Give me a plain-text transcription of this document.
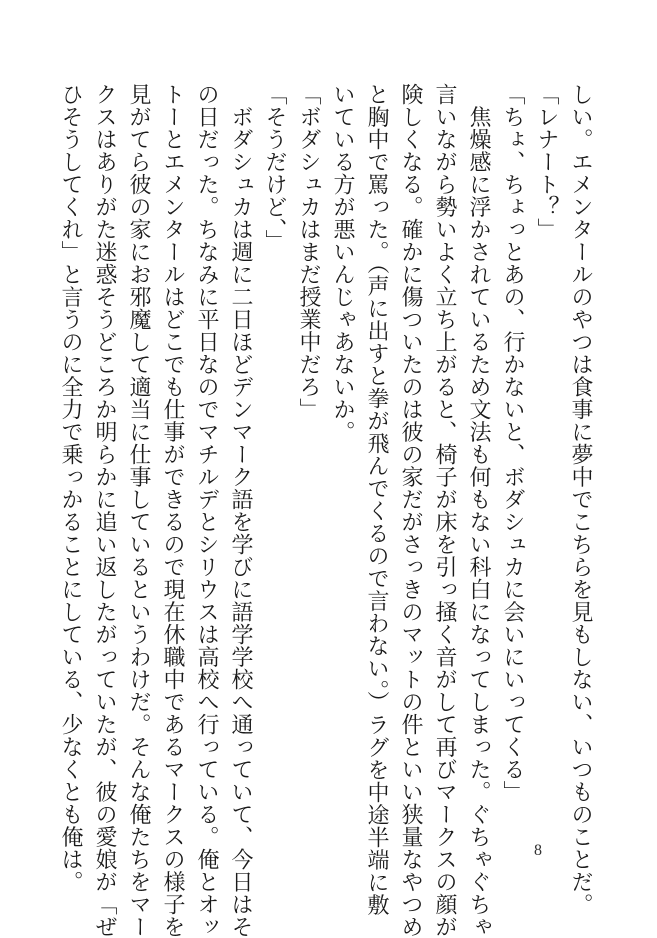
しい。エメンタールのやつは食事に夢中でこちらを見もしない、いつものことだ。
「レナート？」
「ちょ、ちょっとあの、行かないと、ボダシュカに会いにいってくる」
　焦燥感に浮かされているため文法も何もない科白になってしまった。ぐちゃぐちゃ
言いながら勢いよく立ち上がると、椅子が床を引っ掻く音がして再びマークスの顔が
険しくなる。確かに傷ついたのは彼の家だがさっきのマットの件といい狭量なやつめ
と胸中で罵った。（声に出すと拳が飛んでくるので言わない。）ラグを中途半端に敷
いている方が悪いんじゃあないか。
「ボダシュカはまだ授業中だろ」
「そうだけど、」
　ボダシュカは週に二日ほどデンマーク語を学びに語学学校へ通っていて、今日はそ
の日だった。ちなみに平日なのでマチルデとシリウスは高校へ行っている。俺とオッ
トーとエメンタールはどこでも仕事ができるので現在休職中であるマークスの様子を
見がてら彼の家にお邪魔して適当に仕事しているというわけだ。そんな俺たちをマー
クスはありがた迷惑そうどころか明らかに追い返したがっていたが、彼の愛娘が「ぜ
ひそうしてくれ」と言うのに全力で乗っかることにしている、少なくとも俺は。	8
